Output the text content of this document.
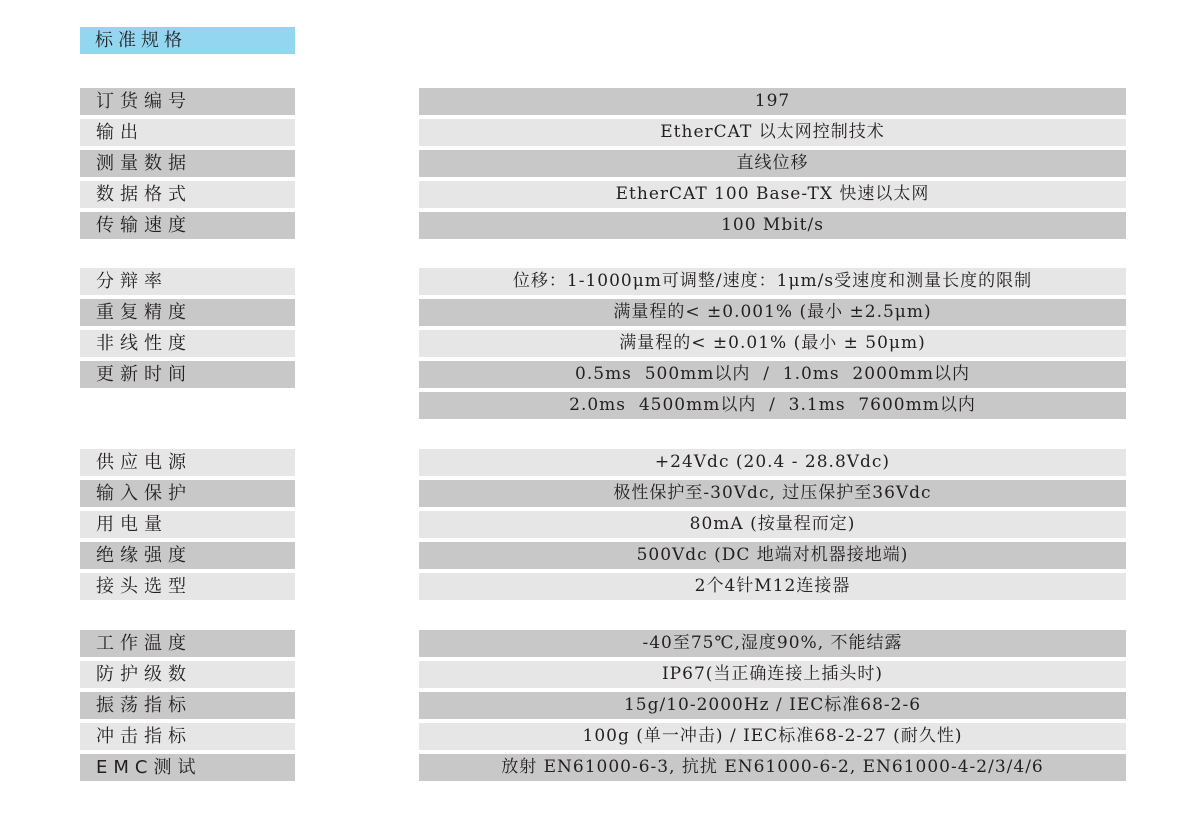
标准规格
订货编号	197
输出	EtherCAT 以太网控制技术
测量数据	直线位移
数据格式	EtherCAT 100 Base-TX 快速以太网
传输速度	100 Mbit/s
分辩率	位移：1-1000μm可调整/速度：1μm/s受速度和测量长度的限制
重复精度	满量程的< ±0.001% (最小 ±2.5μm)
非线性度	满量程的< ±0.01% (最小 ± 50μm)
更新时间	0.5ms  500mm以内  /  1.0ms  2000mm以内
2.0ms  4500mm以内  /  3.1ms  7600mm以内
供应电源	+24Vdc (20.4 - 28.8Vdc)
输入保护	极性保护至-30Vdc, 过压保护至36Vdc
用电量	80mA (按量程而定)
绝缘强度	500Vdc (DC 地端对机器接地端)
接头选型	2个4针M12连接器
工作温度	-40至75℃,湿度90%, 不能结露
防护级数	IP67(当正确连接上插头时)
振荡指标	15g/10-2000Hz / IEC标准68-2-6
冲击指标	100g (单一冲击) / IEC标准68-2-27 (耐久性)
EMC测试	放射 EN61000-6-3, 抗扰 EN61000-6-2, EN61000-4-2/3/4/6
